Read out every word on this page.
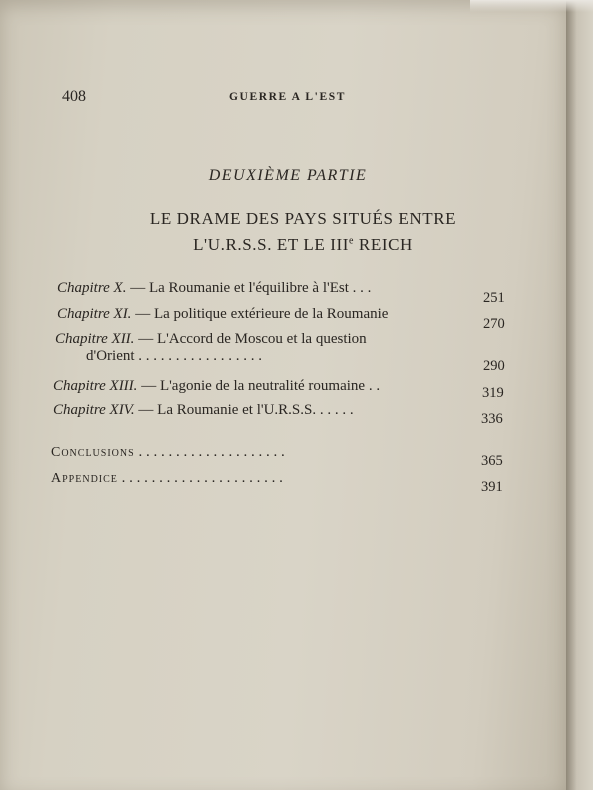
408	GUERRE A L'EST
DEUXIÈME PARTIE
LE DRAME DES PAYS SITUÉS ENTRE
L'U.R.S.S. ET LE IIIe REICH
Chapitre X. — La Roumanie et l'équilibre à l'Est . . .
251
Chapitre XI. — La politique extérieure de la Roumanie
270
Chapitre XII. — L'Accord de Moscou et la question
d'Orient . . . . . . . . . . . . . . . . .
290
Chapitre XIII. — L'agonie de la neutralité roumaine . .	319
Chapitre XIV. — La Roumanie et l'U.R.S.S. . . . . .
336
Conclusions . . . . . . . . . . . . . . . . . . . .
365
Appendice . . . . . . . . . . . . . . . . . . . . . .
391
